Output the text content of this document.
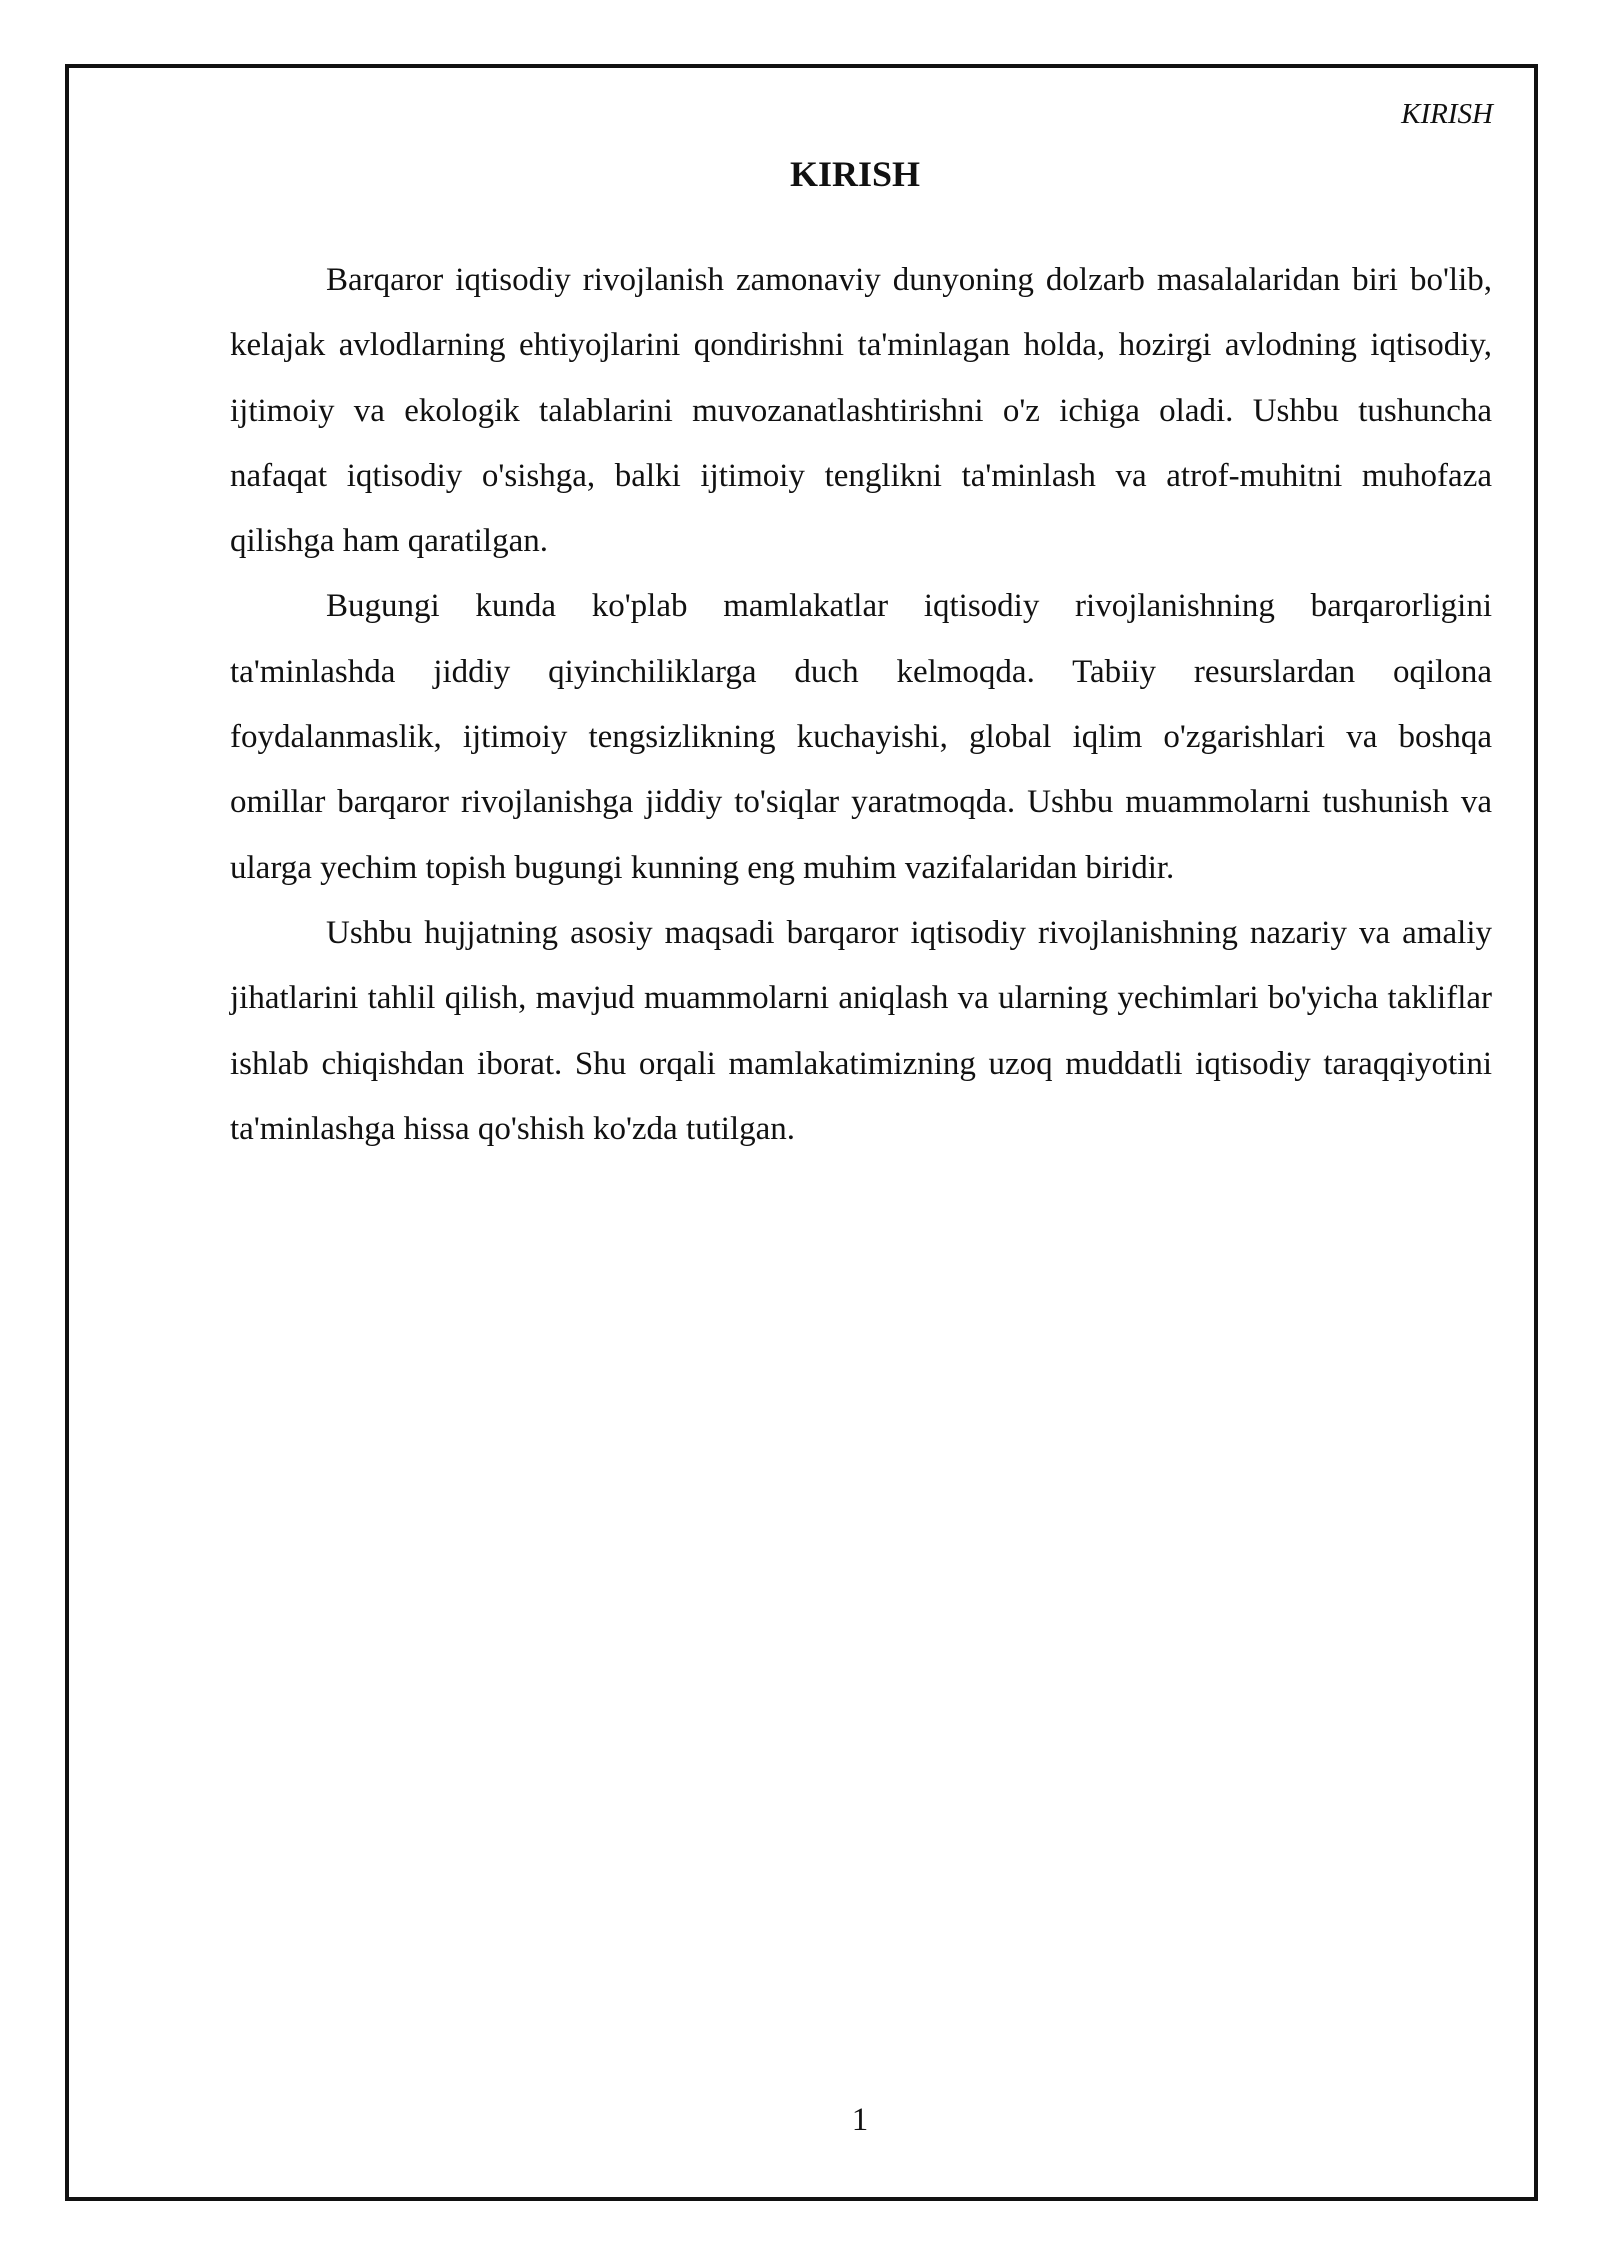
KIRISH

KIRISH

Barqaror iqtisodiy rivojlanish zamonaviy dunyoning dolzarb masalalaridan biri bo'lib, kelajak avlodlarning ehtiyojlarini qondirishni ta'minlagan holda, hozirgi avlodning iqtisodiy, ijtimoiy va ekologik talablarini muvozanatlashtirishni o'z ichiga oladi. Ushbu tushuncha nafaqat iqtisodiy o'sishga, balki ijtimoiy tenglikni ta'minlash va atrof-muhitni muhofaza qilishga ham qaratilgan.

Bugungi kunda ko'plab mamlakatlar iqtisodiy rivojlanishning barqarorligini ta'minlashda jiddiy qiyinchiliklarga duch kelmoqda. Tabiiy resurslardan oqilona foydalanmaslik, ijtimoiy tengsizlikning kuchayishi, global iqlim o'zgarishlari va boshqa omillar barqaror rivojlanishga jiddiy to'siqlar yaratmoqda. Ushbu muammolarni tushunish va ularga yechim topish bugungi kunning eng muhim vazifalaridan biridir.

Ushbu hujjatning asosiy maqsadi barqaror iqtisodiy rivojlanishning nazariy va amaliy jihatlarini tahlil qilish, mavjud muammolarni aniqlash va ularning yechimlari bo'yicha takliflar ishlab chiqishdan iborat. Shu orqali mamlakatimizning uzoq muddatli iqtisodiy taraqqiyotini ta'minlashga hissa qo'shish ko'zda tutilgan.

1
